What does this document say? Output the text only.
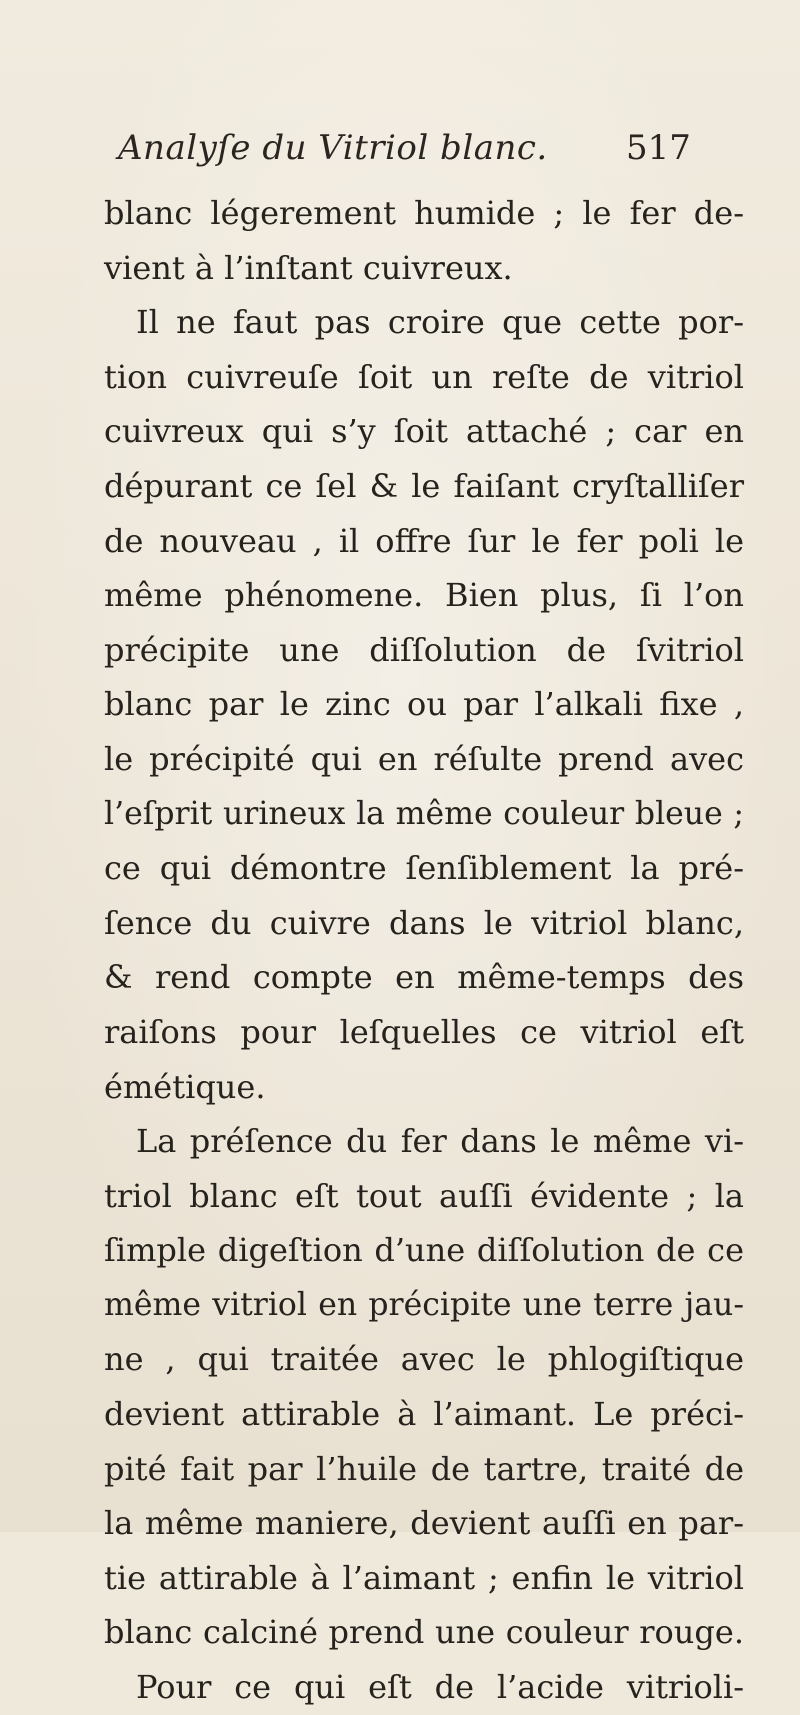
Analyſe du Vitriol blanc. 517
blanc légerement humide ; le fer de-
vient à l’inſtant cuivreux.
Il ne faut pas croire que cette por-
tion cuivreuſe ſoit un reſte de vitriol
cuivreux qui s’y ſoit attaché ; car en
dépurant ce ſel & le faiſant cryſtalliſer
de nouveau , il offre ſur le fer poli le
même phénomene. Bien plus, ſi l’on
précipite une diſſolution de ſvitriol
blanc par le zinc ou par l’alkali fixe ,
le précipité qui en réſulte prend avec
l’eſprit urineux la même couleur bleue ;
ce qui démontre ſenſiblement la pré-
ſence du cuivre dans le vitriol blanc,
& rend compte en même-temps des
raiſons pour leſquelles ce vitriol eſt
émétique.
La préſence du fer dans le même vi-
triol blanc eſt tout auſſi évidente ; la
ſimple digeſtion d’une diſſolution de ce
même vitriol en précipite une terre jau-
ne , qui traitée avec le phlogiſtique
devient attirable à l’aimant. Le préci-
pité fait par l’huile de tartre, traité de
la même maniere, devient auſſi en par-
tie attirable à l’aimant ; enfin le vitriol
blanc calciné prend une couleur rouge.
Pour ce qui eſt de l’acide vitrioli-
